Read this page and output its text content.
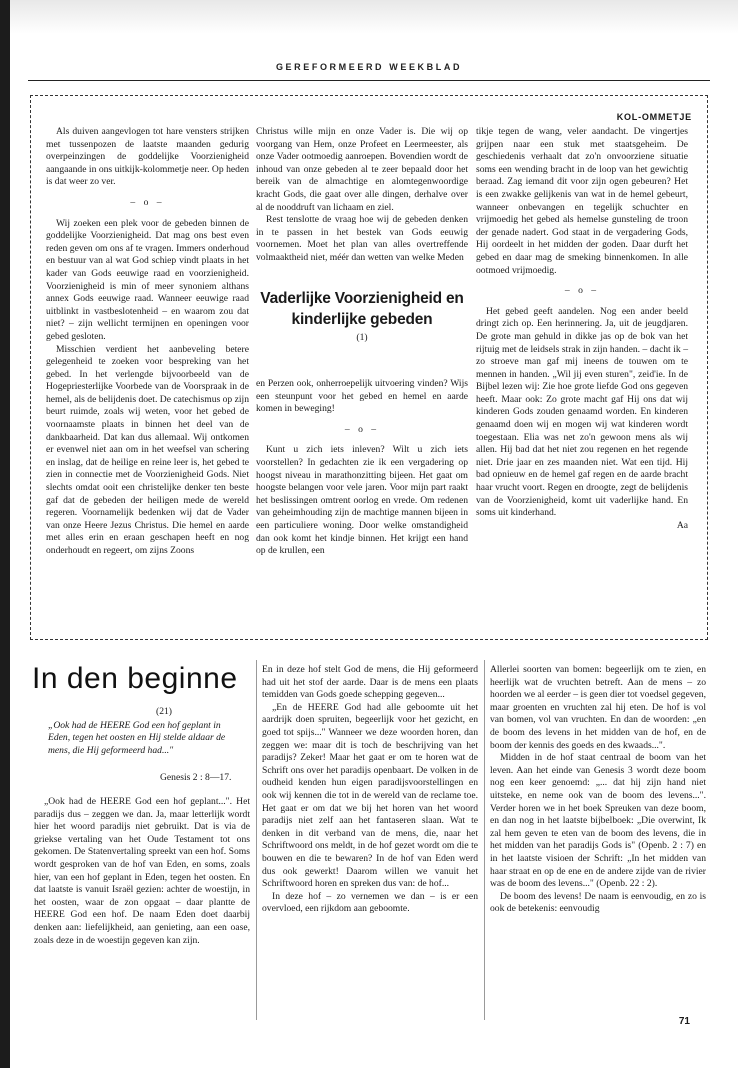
GEREFORMEERD WEEKBLAD
KOL-OMMETJE

Als duiven aangevlogen tot hare vensters strijken met tussenpozen de laatste maanden gedurig overpeinzingen de goddelijke Voorzienigheid aangaande in ons uitkijk-kolommetje neer. Op heden is dat weer zo ver.

– o –

Wij zoeken een plek voor de gebeden binnen de goddelijke Voorzienigheid. Dat mag ons best even reden geven om ons af te vragen. Immers onderhoud en bestuur van al wat God schiep vindt plaats in het kader van Gods eeuwige raad en voorzienigheid. Voorzienigheid is min of meer synoniem althans annex Gods eeuwige raad. Wanneer eeuwige raad uitblinkt in vastbeslotenheid – en waarom zou dat niet? – zijn wellicht termijnen en openingen voor gebed gesloten.

Misschien verdient het aanbeveling betere gelegenheid te zoeken voor bespreking van het gebed. In het verlengde bijvoorbeeld van de Hogepriesterlijke Voorbede van de Voorspraak in de hemel, als de belijdenis doet. De catechismus op zijn beurt ruimde, zoals wij weten, voor het gebed de voornaamste plaats in binnen het deel van de dankbaarheid. Dat kan dus allemaal. Wij ontkomen er evenwel niet aan om in het weefsel van schering en inslag, dat de heilige en reine leer is, het gebed te zien in connectie met de Voorzienigheid Gods. Niet slechts omdat ooit een christelijke denker ten beste gaf dat de gebeden der heiligen mede de wereld regeren. Voornamelijk bedenken wij dat de Vader van onze Heere Jezus Christus. Die hemel en aarde met alles erin en eraan geschapen heeft en nog onderhoudt en regeert, om zijns Zoons

Christus wille mijn en onze Vader is. Die wij op voorgang van Hem, onze Profeet en Leermeester, als onze Vader ootmoedig aanroepen. Bovendien wordt de inhoud van onze gebeden al te zeer bepaald door het bereik van de almachtige en alomtegenwoordige kracht Gods, die gaat over alle dingen, derhalve over al de nooddruft van lichaam en ziel.

Rest tenslotte de vraag hoe wij de gebeden denken in te passen in het bestek van Gods eeuwig voornemen. Moet het plan van alles overtreffende volmaaktheid niet, méér dan wetten van welke Meden

Vaderlijke Voorzienigheid en kinderlijke gebeden
(1)

en Perzen ook, onherroepelijk uitvoering vinden? Wijs een steunpunt voor het gebed en hemel en aarde komen in beweging!

– o –

Kunt u zich iets inleven? Wilt u zich iets voorstellen? In gedachten zie ik een vergadering op hoogst niveau in marathonzitting bijeen. Het gaat om hoogste belangen voor vele jaren. Voor mijn part raakt het beslissingen omtrent oorlog en vrede. Om redenen van geheimhouding zijn de machtige mannen bijeen in een particuliere woning. Door welke omstandigheid dan ook komt het kindje binnen. Het krijgt een hand op de krullen, een

tikje tegen de wang, veler aandacht. De vingertjes grijpen naar een stuk met staatsgeheim. De geschiedenis verhaalt dat zo'n onvoorziene situatie soms een wending bracht in de loop van het gewichtig beraad. Zag iemand dit voor zijn ogen gebeuren? Het is een zwakke gelijkenis van wat in de hemel gebeurt, wanneer onbevangen en tegelijk schuchter en vrijmoedig het gebed als hemelse gunsteling de troon der genade nadert. God staat in de vergadering Gods, Hij oordeelt in het midden der goden. Daar durft het gebed en daar mag de smeking binnenkomen. In alle ootmoed vrijmoedig.

– o –

Het gebed geeft aandelen. Nog een ander beeld dringt zich op. Een herinnering. Ja, uit de jeugdjaren. De grote man gehuld in dikke jas op de bok van het rijtuig met de leidsels strak in zijn handen. – dacht ik – zo stroeve man gaf mij ineens de touwen om te mennen in handen. „Wil jij even sturen", zeid'ie. In de Bijbel lezen wij: Zie hoe grote liefde God ons gegeven heeft. Maar ook: Zo grote macht gaf Hij ons dat wij kinderen Gods zouden genaamd worden. En kinderen genaamd doen wij en mogen wij wat kinderen wordt toegestaan. Elia was net zo'n gewoon mens als wij allen. Hij bad dat het niet zou regenen en het regende niet. Drie jaar en zes maanden niet. Wat een tijd. Hij bad opnieuw en de hemel gaf regen en de aarde bracht haar vrucht voort. Regen en droogte, zegt de belijdenis van de Voorzienigheid, komt uit vaderlijke hand. En soms uit kinderhand.

Aa
In den beginne
(21)
„Ook had de HEERE God een hof geplant in Eden, tegen het oosten en Hij stelde aldaar de mens, die Hij geformeerd had..."
Genesis 2 : 8—17.

„Ook had de HEERE God een hof geplant...". Het paradijs dus – zeggen we dan. Ja, maar letterlijk wordt hier het woord paradijs niet gebruikt. Dat is via de griekse vertaling van het Oude Testament tot ons gekomen. De Statenvertaling spreekt van een hof. Soms wordt gesproken van de hof van Eden, en soms, zoals hier, van een hof geplant in Eden, tegen het oosten. En dat laatste is vanuit Israël gezien: achter de woestijn, in het oosten, waar de zon opgaat – daar plantte de HEERE God een hof. De naam Eden doet daarbij denken aan: liefelijkheid, aan genieting, aan een oase, zoals deze in de woestijn gegeven kan zijn.

En in deze hof stelt God de mens, die Hij geformeerd had uit het stof der aarde. Daar is de mens een plaats temidden van Gods goede schepping gegeven...

„En de HEERE God had alle geboomte uit het aardrijk doen spruiten, begeerlijk voor het gezicht, en goed tot spijs..." Wanneer we deze woorden horen, dan zeggen we: maar dit is toch de beschrijving van het paradijs? Zeker! Maar het gaat er om te horen wat de Schrift ons over het paradijs openbaart. De volken in de oudheid kenden hun eigen paradijsvoorstellingen en ook wij kennen die tot in de wereld van de reclame toe. Het gaat er om dat we bij het horen van het woord paradijs niet zelf aan het fantaseren slaan. Wat te denken in dit verband van de mens, die, naar het Schriftwoord ons meldt, in de hof gezet wordt om die te bouwen en die te bewaren? In de hof van Eden werd dus ook gewerkt! Daarom willen we vanuit het Schriftwoord horen en spreken dus van: de hof...

In deze hof – zo vernemen we dan – is er een overvloed, een rijkdom aan geboomte.

Allerlei soorten van bomen: begeerlijk om te zien, en heerlijk wat de vruchten betreft. Aan de mens – zo hoorden we al eerder – is geen dier tot voedsel gegeven, maar groenten en vruchten zal hij eten. De hof is vol van bomen, vol van vruchten. En dan de woorden: „en de boom des levens in het midden van de hof, en de boom der kennis des goeds en des kwaads...".

Midden in de hof staat centraal de boom van het leven. Aan het einde van Genesis 3 wordt deze boom nog een keer genoemd: „... dat hij zijn hand niet uitsteke, en neme ook van de boom des levens...". Verder horen we in het boek Spreuken van deze boom, en dan nog in het laatste bijbelboek: „Die overwint, Ik zal hem geven te eten van de boom des levens, die in het midden van het paradijs Gods is" (Openb. 2 : 7) en in het laatste visioen der Schrift: „In het midden van haar straat en op de ene en de andere zijde van de rivier was de boom des levens..." (Openb. 22 : 2).

De boom des levens! De naam is eenvoudig, en zo is ook de betekenis: eenvoudig

71
